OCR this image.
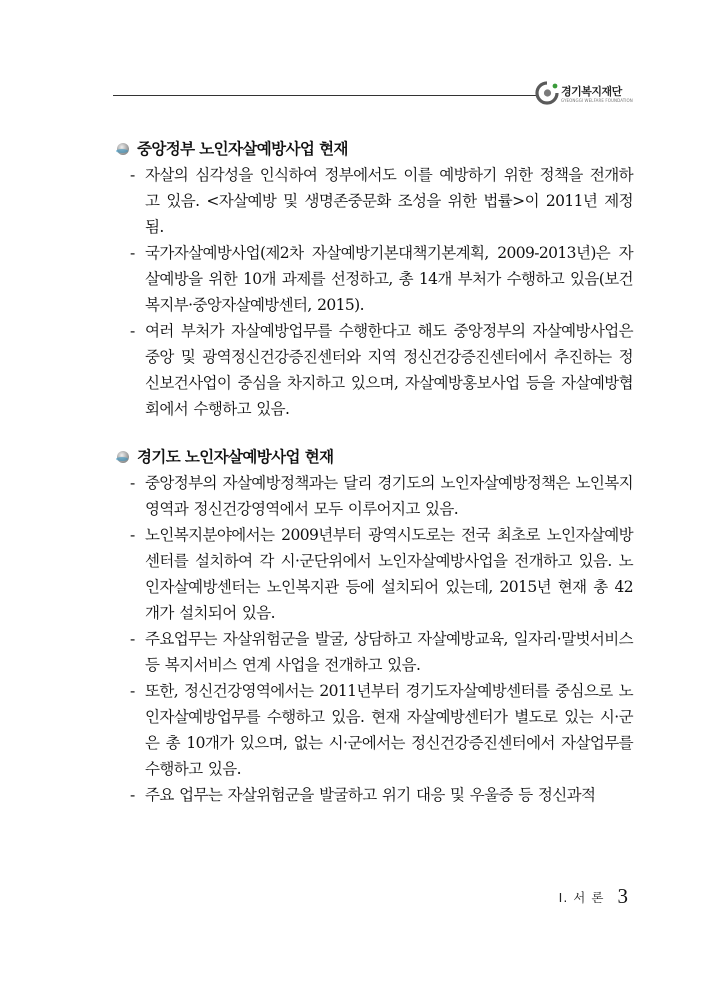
경기복지재단
GYEONGGI WELFARE FOUNDATION
중앙정부 노인자살예방사업 현재
- 자살의 심각성을 인식하여 정부에서도 이를 예방하기 위한 정책을 전개하고 있음. <자살예방 및 생명존중문화 조성을 위한 법률>이 2011년 제정됨.
- 국가자살예방사업(제2차 자살예방기본대책기본계획, 2009-2013년)은 자살예방을 위한 10개 과제를 선정하고, 총 14개 부처가 수행하고 있음(보건복지부·중앙자살예방센터, 2015).
- 여러 부처가 자살예방업무를 수행한다고 해도 중앙정부의 자살예방사업은 중앙 및 광역정신건강증진센터와 지역 정신건강증진센터에서 추진하는 정신보건사업이 중심을 차지하고 있으며, 자살예방홍보사업 등을 자살예방협회에서 수행하고 있음.
경기도 노인자살예방사업 현재
- 중앙정부의 자살예방정책과는 달리 경기도의 노인자살예방정책은 노인복지영역과 정신건강영역에서 모두 이루어지고 있음.
- 노인복지분야에서는 2009년부터 광역시도로는 전국 최초로 노인자살예방센터를 설치하여 각 시·군단위에서 노인자살예방사업을 전개하고 있음. 노인자살예방센터는 노인복지관 등에 설치되어 있는데, 2015년 현재 총 42개가 설치되어 있음.
- 주요업무는 자살위험군을 발굴, 상담하고 자살예방교육, 일자리·말벗서비스 등 복지서비스 연계 사업을 전개하고 있음.
- 또한, 정신건강영역에서는 2011년부터 경기도자살예방센터를 중심으로 노인자살예방업무를 수행하고 있음. 현재 자살예방센터가 별도로 있는 시·군은 총 10개가 있으며, 없는 시·군에서는 정신건강증진센터에서 자살업무를 수행하고 있음.
- 주요 업무는 자살위험군을 발굴하고 위기 대응 및 우울증 등 정신과적
Ⅰ. 서 론 3
